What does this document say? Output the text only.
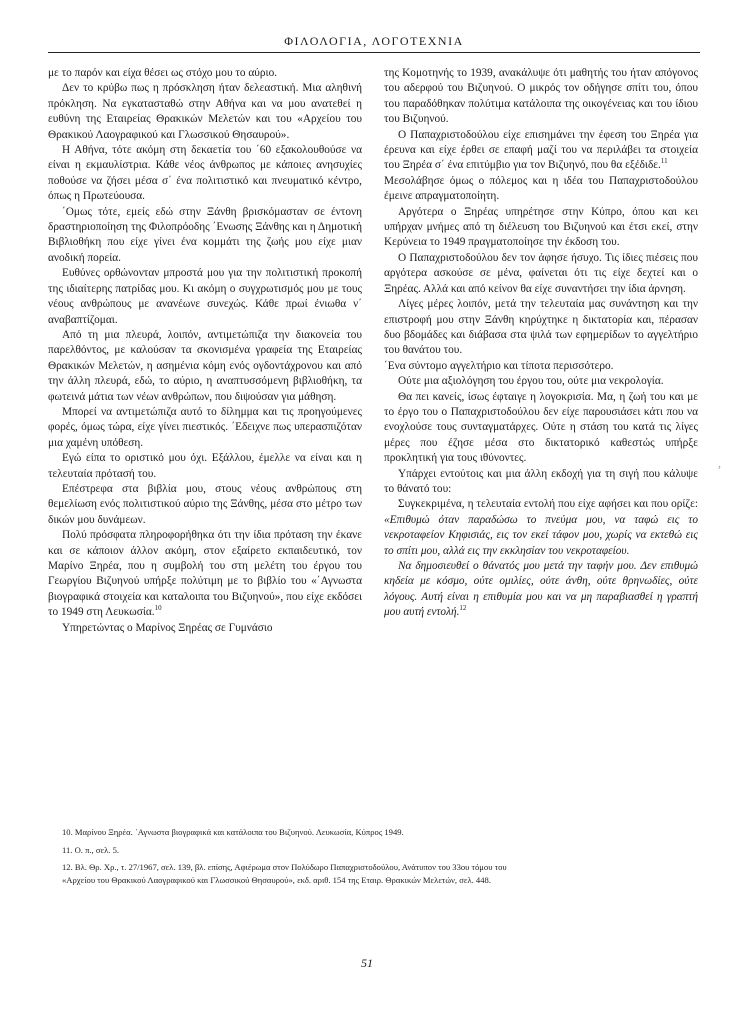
ΦΙΛΟΛΟΓΙΑ, ΛΟΓΟΤΕΧΝΙΑ

με το παρόν και είχα θέσει ως στόχο μου το αύριο.

Δεν το κρύβω πως η πρόσκληση ήταν δελεαστική. Μια αληθινή πρόκληση. Να εγκατασταθώ στην Αθήνα και να μου ανατεθεί η ευθύνη της Εταιρείας Θρακικών Μελετών και του «Αρχείου του Θρακικού Λαογραφικού και Γλωσσικού Θησαυρού».

Η Αθήνα, τότε ακόμη στη δεκαετία του ΄60 εξακολουθούσε να είναι η εκμαυλίστρια. Κάθε νέος άνθρωπος με κάποιες ανησυχίες ποθούσε να ζήσει μέσα σ΄ ένα πολιτιστικό και πνευματικό κέντρο, όπως η Πρωτεύουσα.

΄Ομως τότε, εμείς εδώ στην Ξάνθη βρισκόμασταν σε έντονη δραστηριοποίηση της Φιλοπρόοδης ΄Ενωσης Ξάνθης και η Δημοτική Βιβλιοθήκη που είχε γίνει ένα κομμάτι της ζωής μου είχε μιαν ανοδική πορεία.

Ευθύνες ορθώνονταν μπροστά μου για την πολιτιστική προκοπή της ιδιαίτερης πατρίδας μου. Κι ακόμη ο συγχρωτισμός μου με τους νέους ανθρώπους με ανανέωνε συνεχώς. Κάθε πρωί ένιωθα ν΄ αναβαπτίζομαι.

Από τη μια πλευρά, λοιπόν, αντιμετώπιζα την διακονεία του παρελθόντος, με καλούσαν τα σκονισμένα γραφεία της Εταιρείας Θρακικών Μελετών, η ασημένια κόμη ενός ογδοντάχρονου και από την άλλη πλευρά, εδώ, το αύριο, η αναπτυσσόμενη βιβλιοθήκη, τα φωτεινά μάτια των νέων ανθρώπων, που διψούσαν για μάθηση.

Μπορεί να αντιμετώπιζα αυτό το δίλημμα και τις προηγούμενες φορές, όμως τώρα, είχε γίνει πιεστικός. ΄Εδειχνε πως υπερασπιζόταν μια χαμένη υπόθεση.

Εγώ είπα το οριστικό μου όχι. Εξάλλου, έμελλε να είναι και η τελευταία πρότασή του.

Επέστρεφα στα βιβλία μου, στους νέους ανθρώπους στη θεμελίωση ενός πολιτιστικού αύριο της Ξάνθης, μέσα στο μέτρο των δικών μου δυνάμεων.

Πολύ πρόσφατα πληροφορήθηκα ότι την ίδια πρόταση την έκανε και σε κάποιον άλλον ακόμη, στον εξαίρετο εκπαιδευτικό, τον Μαρίνο Ξηρέα, που η συμβολή του στη μελέτη του έργου του Γεωργίου Βιζυηνού υπήρξε πολύτιμη με το βιβλίο του «΄Αγνωστα βιογραφικά στοιχεία και καταλοιπα του Βιζυηνού», που είχε εκδόσει το 1949 στη Λευκωσία.$^{10}$

Υπηρετώντας ο Μαρίνος Ξηρέας σε Γυμνάσιο

της Κομοτηνής το 1939, ανακάλυψε ότι μαθητής του ήταν απόγονος του αδερφού του Βιζυηνού. Ο μικρός τον οδήγησε σπίτι του, όπου του παραδόθηκαν πολύτιμα κατάλοιπα της οικογένειας και του ίδιου του Βιζυηνού.

Ο Παπαχριστοδούλου είχε επισημάνει την έφεση του Ξηρέα για έρευνα και είχε έρθει σε επαφή μαζί του να περιλάβει τα στοιχεία του Ξηρέα σ΄ ένα επιτύμβιο για τον Βιζυηνό, που θα εξέδιδε.$^{11}$

Μεσολάβησε όμως ο πόλεμος και η ιδέα του Παπαχριστοδούλου έμεινε απραγματοποίητη.

Αργότερα ο Ξηρέας υπηρέτησε στην Κύπρο, όπου και κει υπήρχαν μνήμες από τη διέλευση του Βιζυηνού και έτσι εκεί, στην Κερύνεια το 1949 πραγματοποίησε την έκδοση του.

Ο Παπαχριστοδούλου δεν τον άφησε ήσυχο. Τις ίδιες πιέσεις που αργότερα ασκούσε σε μένα, φαίνεται ότι τις είχε δεχτεί και ο Ξηρέας. Αλλά και από κείνον θα είχε συναντήσει την ίδια άρνηση.

Λίγες μέρες λοιπόν, μετά την τελευταία μας συνάντηση και την επιστροφή μου στην Ξάνθη κηρύχτηκε η δικτατορία και, πέρασαν δυο βδομάδες και διάβασα στα ψιλά των εφημερίδων το αγγελτήριο του θανάτου του.

΄Ενα σύντομο αγγελτήριο και τίποτα περισσότερο.

Ούτε μια αξιολόγηση του έργου του, ούτε μια νεκρολογία.

Θα πει κανείς, ίσως έφταιγε η λογοκρισία. Μα, η ζωή του και με το έργο του ο Παπαχριστοδούλου δεν είχε παρουσιάσει κάτι που να ενοχλούσε τους συνταγματάρχες. Ούτε η στάση του κατά τις λίγες μέρες που έζησε μέσα στο δικτατορικό καθεστώς υπήρξε προκλητική για τους ιθύνοντες.

Υπάρχει εντούτοις και μια άλλη εκδοχή για τη σιγή που κάλυψε το θάνατό του:

Συγκεκριμένα, η τελευταία εντολή που είχε αφήσει και που ορίζε: «Επιθυμώ όταν παραδώσω το πνεύμα μου, να ταφώ εις το νεκροταφείον Κηφισιάς, εις τον εκεί τάφον μου, χωρίς να εκτεθώ εις το σπίτι μου, αλλά εις την εκκλησίαν του νεκροταφείου.

Να δημοσιευθεί ο θάνατός μου μετά την ταφήν μου. Δεν επιθυμώ κηδεία με κόσμο, ούτε ομιλίες, ούτε άνθη, ούτε θρηνωδίες, ούτε λόγους. Αυτή είναι η επιθυμία μου και να μη παραβιασθεί η γραπτή μου αυτή εντολή.$^{12}$

10. Μαρίνου Ξηρέα. ΄Αγνωστα βιογραφικά και κατάλοιπα του Βιζυηνού. Λευκωσία, Κύπρος 1949.
11. Ο. π., σελ. 5.
12. Βλ. Θρ. Χρ., τ. 27/1967, σελ. 139, βλ. επίσης, Αφιέρωμα στον Πολύδωρο Παπαχριστοδούλου, Ανάτυπον του 33ου τόμου του «Αρχείου του Θρακικού Λαογραφικού και Γλωσσικού Θησαυρού», εκδ. αριθ. 154 της Εταιρ. Θρακικών Μελετών, σελ. 448.
51
,
